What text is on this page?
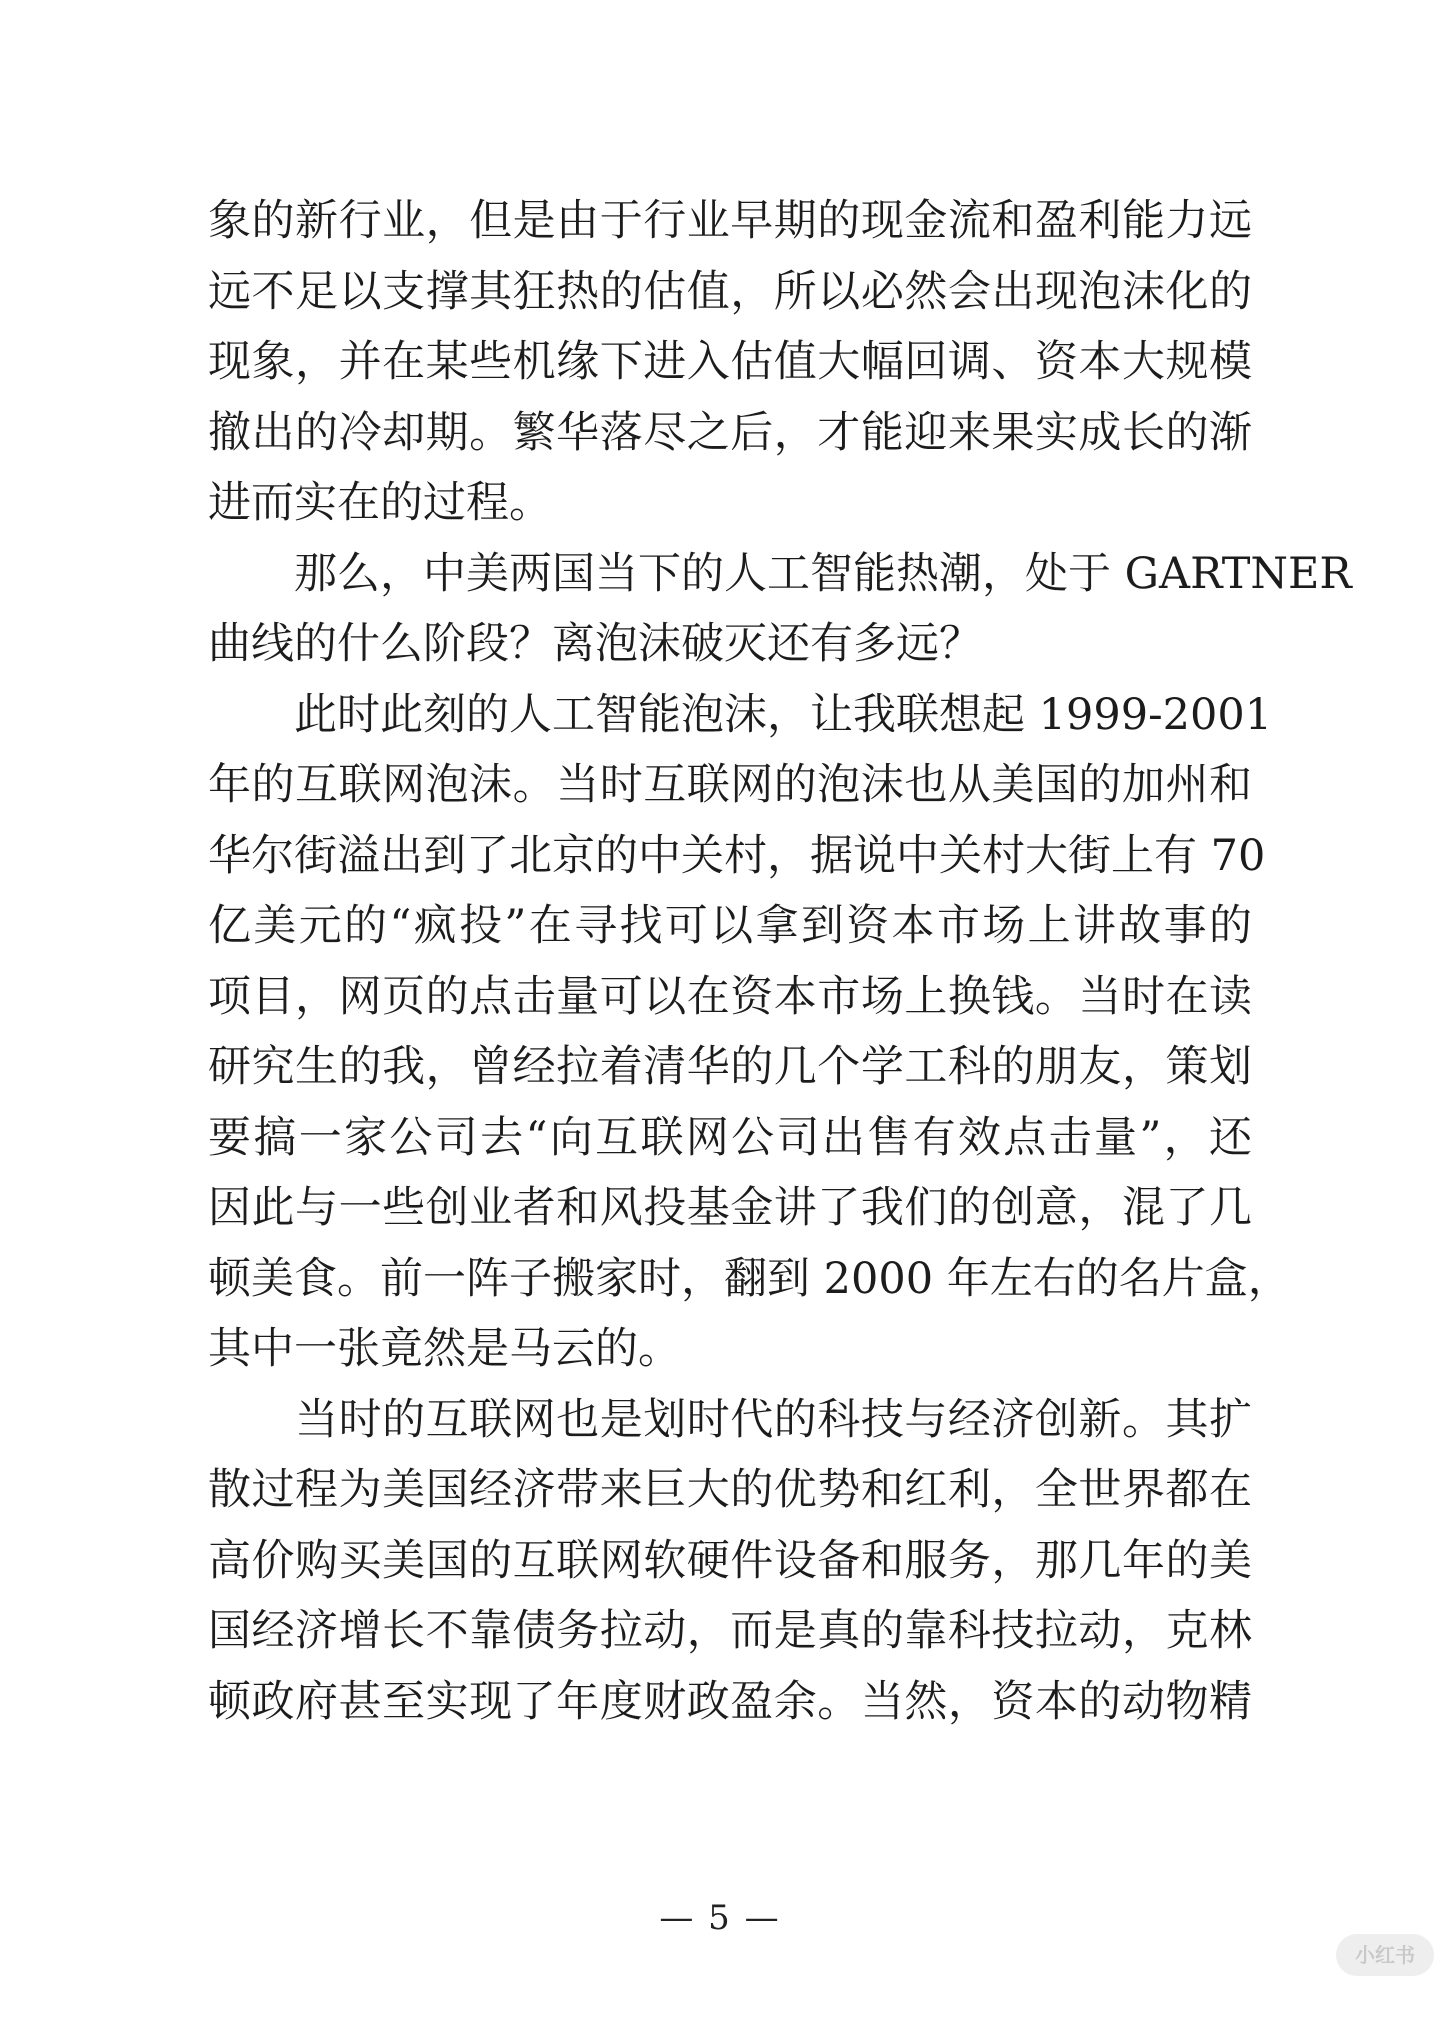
象的新行业，但是由于行业早期的现金流和盈利能力远
远不足以支撑其狂热的估值，所以必然会出现泡沫化的
现象，并在某些机缘下进入估值大幅回调、资本大规模
撤出的冷却期。繁华落尽之后，才能迎来果实成长的渐
进而实在的过程。
　　那么，中美两国当下的人工智能热潮，处于 GARTNER
曲线的什么阶段？离泡沫破灭还有多远？
　　此时此刻的人工智能泡沫，让我联想起 1999-2001
年的互联网泡沫。当时互联网的泡沫也从美国的加州和
华尔街溢出到了北京的中关村，据说中关村大街上有 70
亿美元的“疯投”在寻找可以拿到资本市场上讲故事的
项目，网页的点击量可以在资本市场上换钱。当时在读
研究生的我，曾经拉着清华的几个学工科的朋友，策划
要搞一家公司去“向互联网公司出售有效点击量”，还
因此与一些创业者和风投基金讲了我们的创意，混了几
顿美食。前一阵子搬家时，翻到 2000 年左右的名片盒，
其中一张竟然是马云的。
　　当时的互联网也是划时代的科技与经济创新。其扩
散过程为美国经济带来巨大的优势和红利，全世界都在
高价购买美国的互联网软硬件设备和服务，那几年的美
国经济增长不靠债务拉动，而是真的靠科技拉动，克林
顿政府甚至实现了年度财政盈余。当然，资本的动物精
— 5 —
小红书
